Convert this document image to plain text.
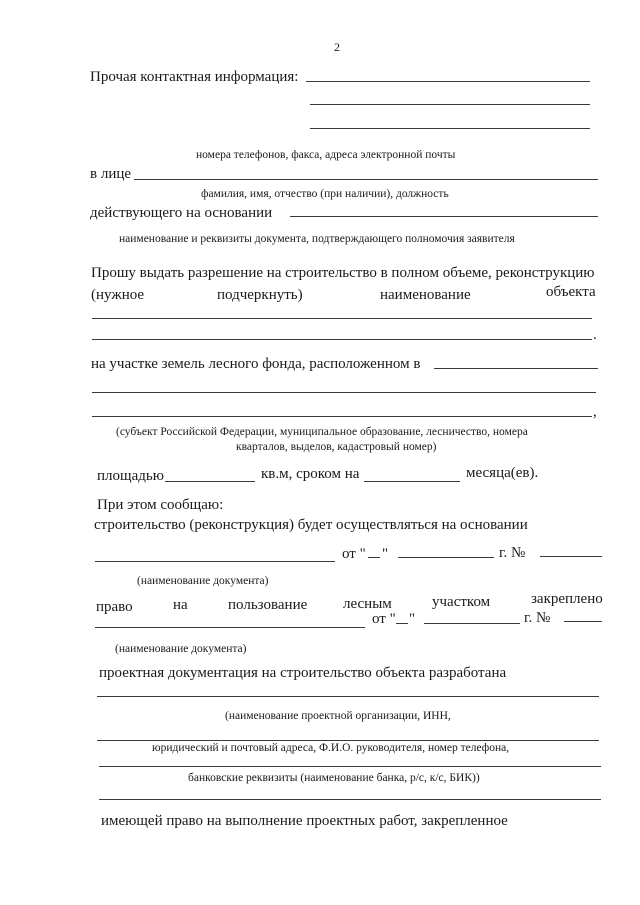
2
Прочая контактная информация:
номера телефонов, факса, адреса электронной почты
в лице
фамилия, имя, отчество (при наличии), должность
действующего на основании
наименование и реквизиты документа, подтверждающего полномочия заявителя
Прошу выдать разрешение на строительство в полном объеме, реконструкцию
(нужное	подчеркнуть)	наименование	объекта
.
на участке земель лесного фонда, расположенном в
,
(субъект Российской Федерации, муниципальное образование, лесничество, номера
кварталов, выделов, кадастровый номер)
площадью	кв.м, сроком на	месяца(ев).
При этом сообщаю:
строительство (реконструкция) будет осуществляться на основании
от " "	г. №
(наименование документа)
право	на	пользование лесным	участком	закреплено
от " "	г. №
(наименование документа)
проектная документация на строительство объекта разработана
(наименование проектной организации, ИНН,
юридический и почтовый адреса, Ф.И.О. руководителя, номер телефона,
банковские реквизиты (наименование банка, р/с, к/с, БИК))
имеющей право на выполнение проектных работ, закрепленное
